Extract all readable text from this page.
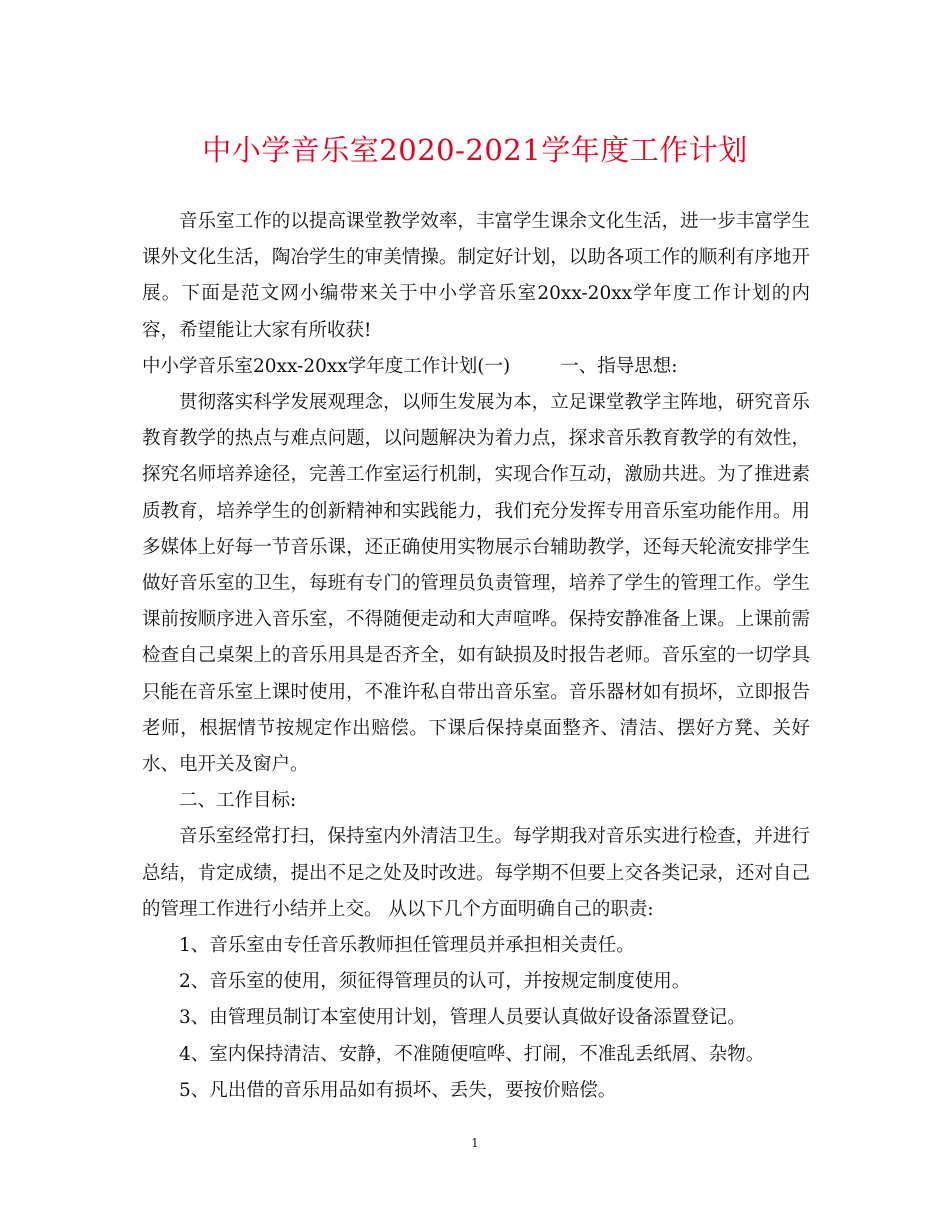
中小学音乐室2020-2021学年度工作计划

音乐室工作的以提高课堂教学效率，丰富学生课余文化生活，进一步丰富学生课外文化生活，陶冶学生的审美情操。制定好计划，以助各项工作的顺利有序地开展。下面是范文网小编带来关于中小学音乐室20xx-20xx学年度工作计划的内容，希望能让大家有所收获!

中小学音乐室20xx-20xx学年度工作计划(一)	一、指导思想:

贯彻落实科学发展观理念，以师生发展为本，立足课堂教学主阵地，研究音乐教育教学的热点与难点问题，以问题解决为着力点，探求音乐教育教学的有效性，探究名师培养途径，完善工作室运行机制，实现合作互动，激励共进。为了推进素质教育，培养学生的创新精神和实践能力，我们充分发挥专用音乐室功能作用。用多媒体上好每一节音乐课，还正确使用实物展示台辅助教学，还每天轮流安排学生做好音乐室的卫生，每班有专门的管理员负责管理，培养了学生的管理工作。学生课前按顺序进入音乐室，不得随便走动和大声喧哗。保持安静准备上课。上课前需检查自己桌架上的音乐用具是否齐全，如有缺损及时报告老师。音乐室的一切学具只能在音乐室上课时使用，不准许私自带出音乐室。音乐器材如有损坏，立即报告老师，根据情节按规定作出赔偿。下课后保持桌面整齐、清洁、摆好方凳、关好水、电开关及窗户。

二、工作目标:

音乐室经常打扫，保持室内外清洁卫生。每学期我对音乐实进行检查，并进行总结，肯定成绩，提出不足之处及时改进。每学期不但要上交各类记录，还对自己的管理工作进行小结并上交。 从以下几个方面明确自己的职责:

1、音乐室由专任音乐教师担任管理员并承担相关责任。

2、音乐室的使用，须征得管理员的认可，并按规定制度使用。

3、由管理员制订本室使用计划，管理人员要认真做好设备添置登记。

4、室内保持清洁、安静，不准随便喧哗、打闹，不准乱丢纸屑、杂物。

5、凡出借的音乐用品如有损坏、丢失，要按价赔偿。

1
